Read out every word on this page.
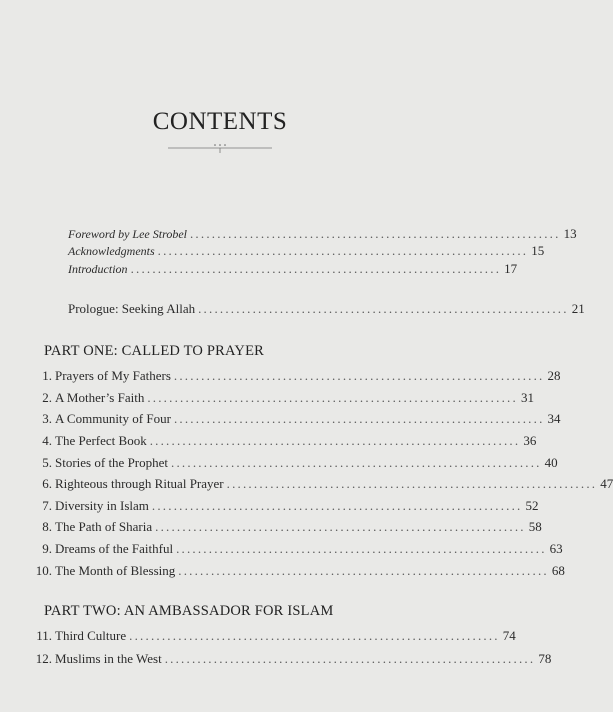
CONTENTS
Foreword by Lee Strobel .................................................................... 13
Acknowledgments .................................................................... 15
Introduction .................................................................... 17
Prologue: Seeking Allah .................................................................... 21
PART ONE: CALLED TO PRAYER
1. Prayers of My Fathers .................................................................... 28
2. A Mother’s Faith .................................................................... 31
3. A Community of Four .................................................................... 34
4. The Perfect Book .................................................................... 36
5. Stories of the Prophet .................................................................... 40
6. Righteous through Ritual Prayer .................................................................... 47
7. Diversity in Islam .................................................................... 52
8. The Path of Sharia .................................................................... 58
9. Dreams of the Faithful .................................................................... 63
10. The Month of Blessing .................................................................... 68
PART TWO: AN AMBASSADOR FOR ISLAM
11. Third Culture .................................................................... 74
12. Muslims in the West .................................................................... 78
